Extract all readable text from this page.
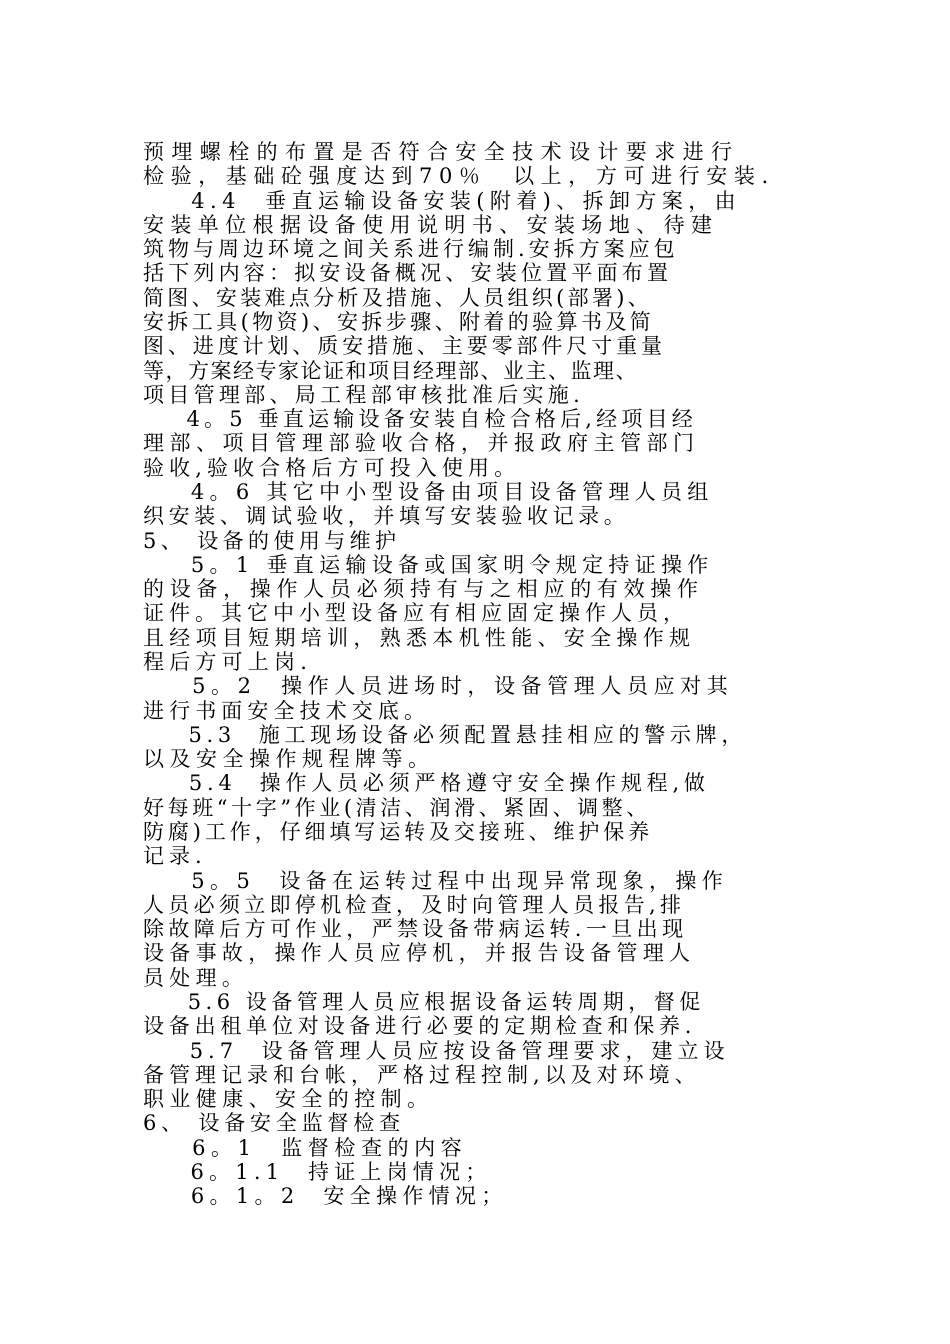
预埋螺栓的布置是否符合安全技术设计要求进行
检验，基础砼强度达到70％  以上，方可进行安装.
4.4  垂直运输设备安装(附着)、拆卸方案，由
安装单位根据设备使用说明书、安装场地、待建
筑物与周边环境之间关系进行编制.安拆方案应包
括下列内容：拟安设备概况、安装位置平面布置
简图、安装难点分析及措施、人员组织(部署)、
安拆工具(物资)、安拆步骤、附着的验算书及简
图、进度计划、质安措施、主要零部件尺寸重量
等，方案经专家论证和项目经理部、业主、监理、
项目管理部、局工程部审核批准后实施.
4。5 垂直运输设备安装自检合格后,经项目经
理部、项目管理部验收合格，并报政府主管部门
验收,验收合格后方可投入使用。
4。6 其它中小型设备由项目设备管理人员组
织安装、调试验收，并填写安装验收记录。
5、 设备的使用与维护
5。1 垂直运输设备或国家明令规定持证操作
的设备，操作人员必须持有与之相应的有效操作
证件。其它中小型设备应有相应固定操作人员，
且经项目短期培训，熟悉本机性能、安全操作规
程后方可上岗.
5。2  操作人员进场时，设备管理人员应对其
进行书面安全技术交底。
5.3  施工现场设备必须配置悬挂相应的警示牌，
以及安全操作规程牌等。
5.4  操作人员必须严格遵守安全操作规程,做
好每班“十字”作业(清洁、润滑、紧固、调整、
防腐)工作，仔细填写运转及交接班、维护保养
记录.
5。5  设备在运转过程中出现异常现象，操作
人员必须立即停机检查，及时向管理人员报告,排
除故障后方可作业，严禁设备带病运转.一旦出现
设备事故，操作人员应停机，并报告设备管理人
员处理。
5.6 设备管理人员应根据设备运转周期，督促
设备出租单位对设备进行必要的定期检查和保养.
5.7  设备管理人员应按设备管理要求，建立设
备管理记录和台帐，严格过程控制,以及对环境、
职业健康、安全的控制。
6、 设备安全监督检查
6。1  监督检查的内容
6。1.1  持证上岗情况；
6。1。2  安全操作情况；
